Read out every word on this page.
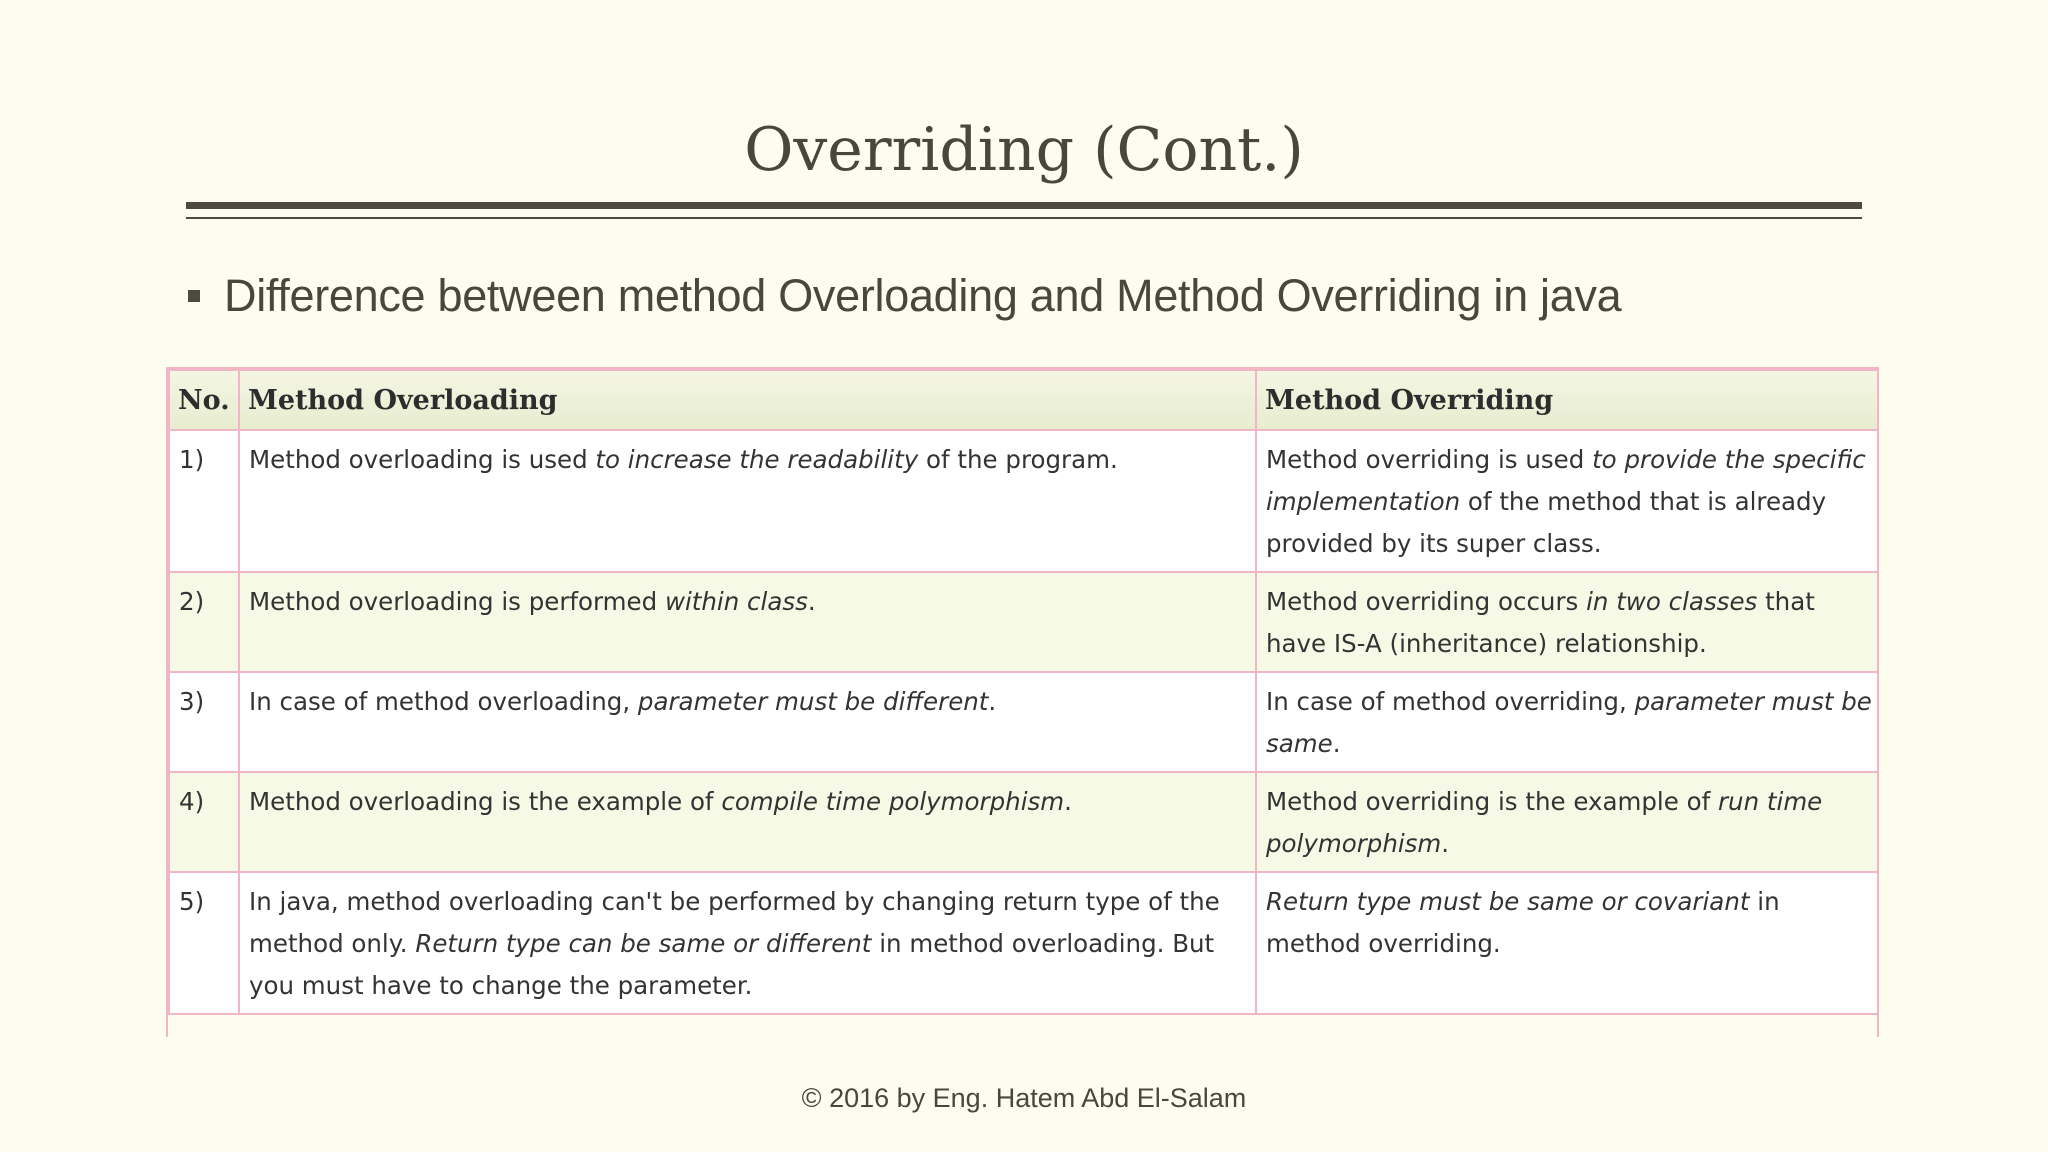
Overriding (Cont.)
Difference between method Overloading and Method Overriding in java
No.	Method Overloading	Method Overriding
1)	Method overloading is used to increase the readability of the program.	Method overriding is used to provide the specific implementation of the method that is already provided by its super class.
2)	Method overloading is performed within class.	Method overriding occurs in two classes that have IS-A (inheritance) relationship.
3)	In case of method overloading, parameter must be different.	In case of method overriding, parameter must be same.
4)	Method overloading is the example of compile time polymorphism.	Method overriding is the example of run time polymorphism.
5)	In java, method overloading can't be performed by changing return type of the method only. Return type can be same or different in method overloading. But you must have to change the parameter.	Return type must be same or covariant in method overriding.
© 2016 by Eng. Hatem Abd El-Salam
